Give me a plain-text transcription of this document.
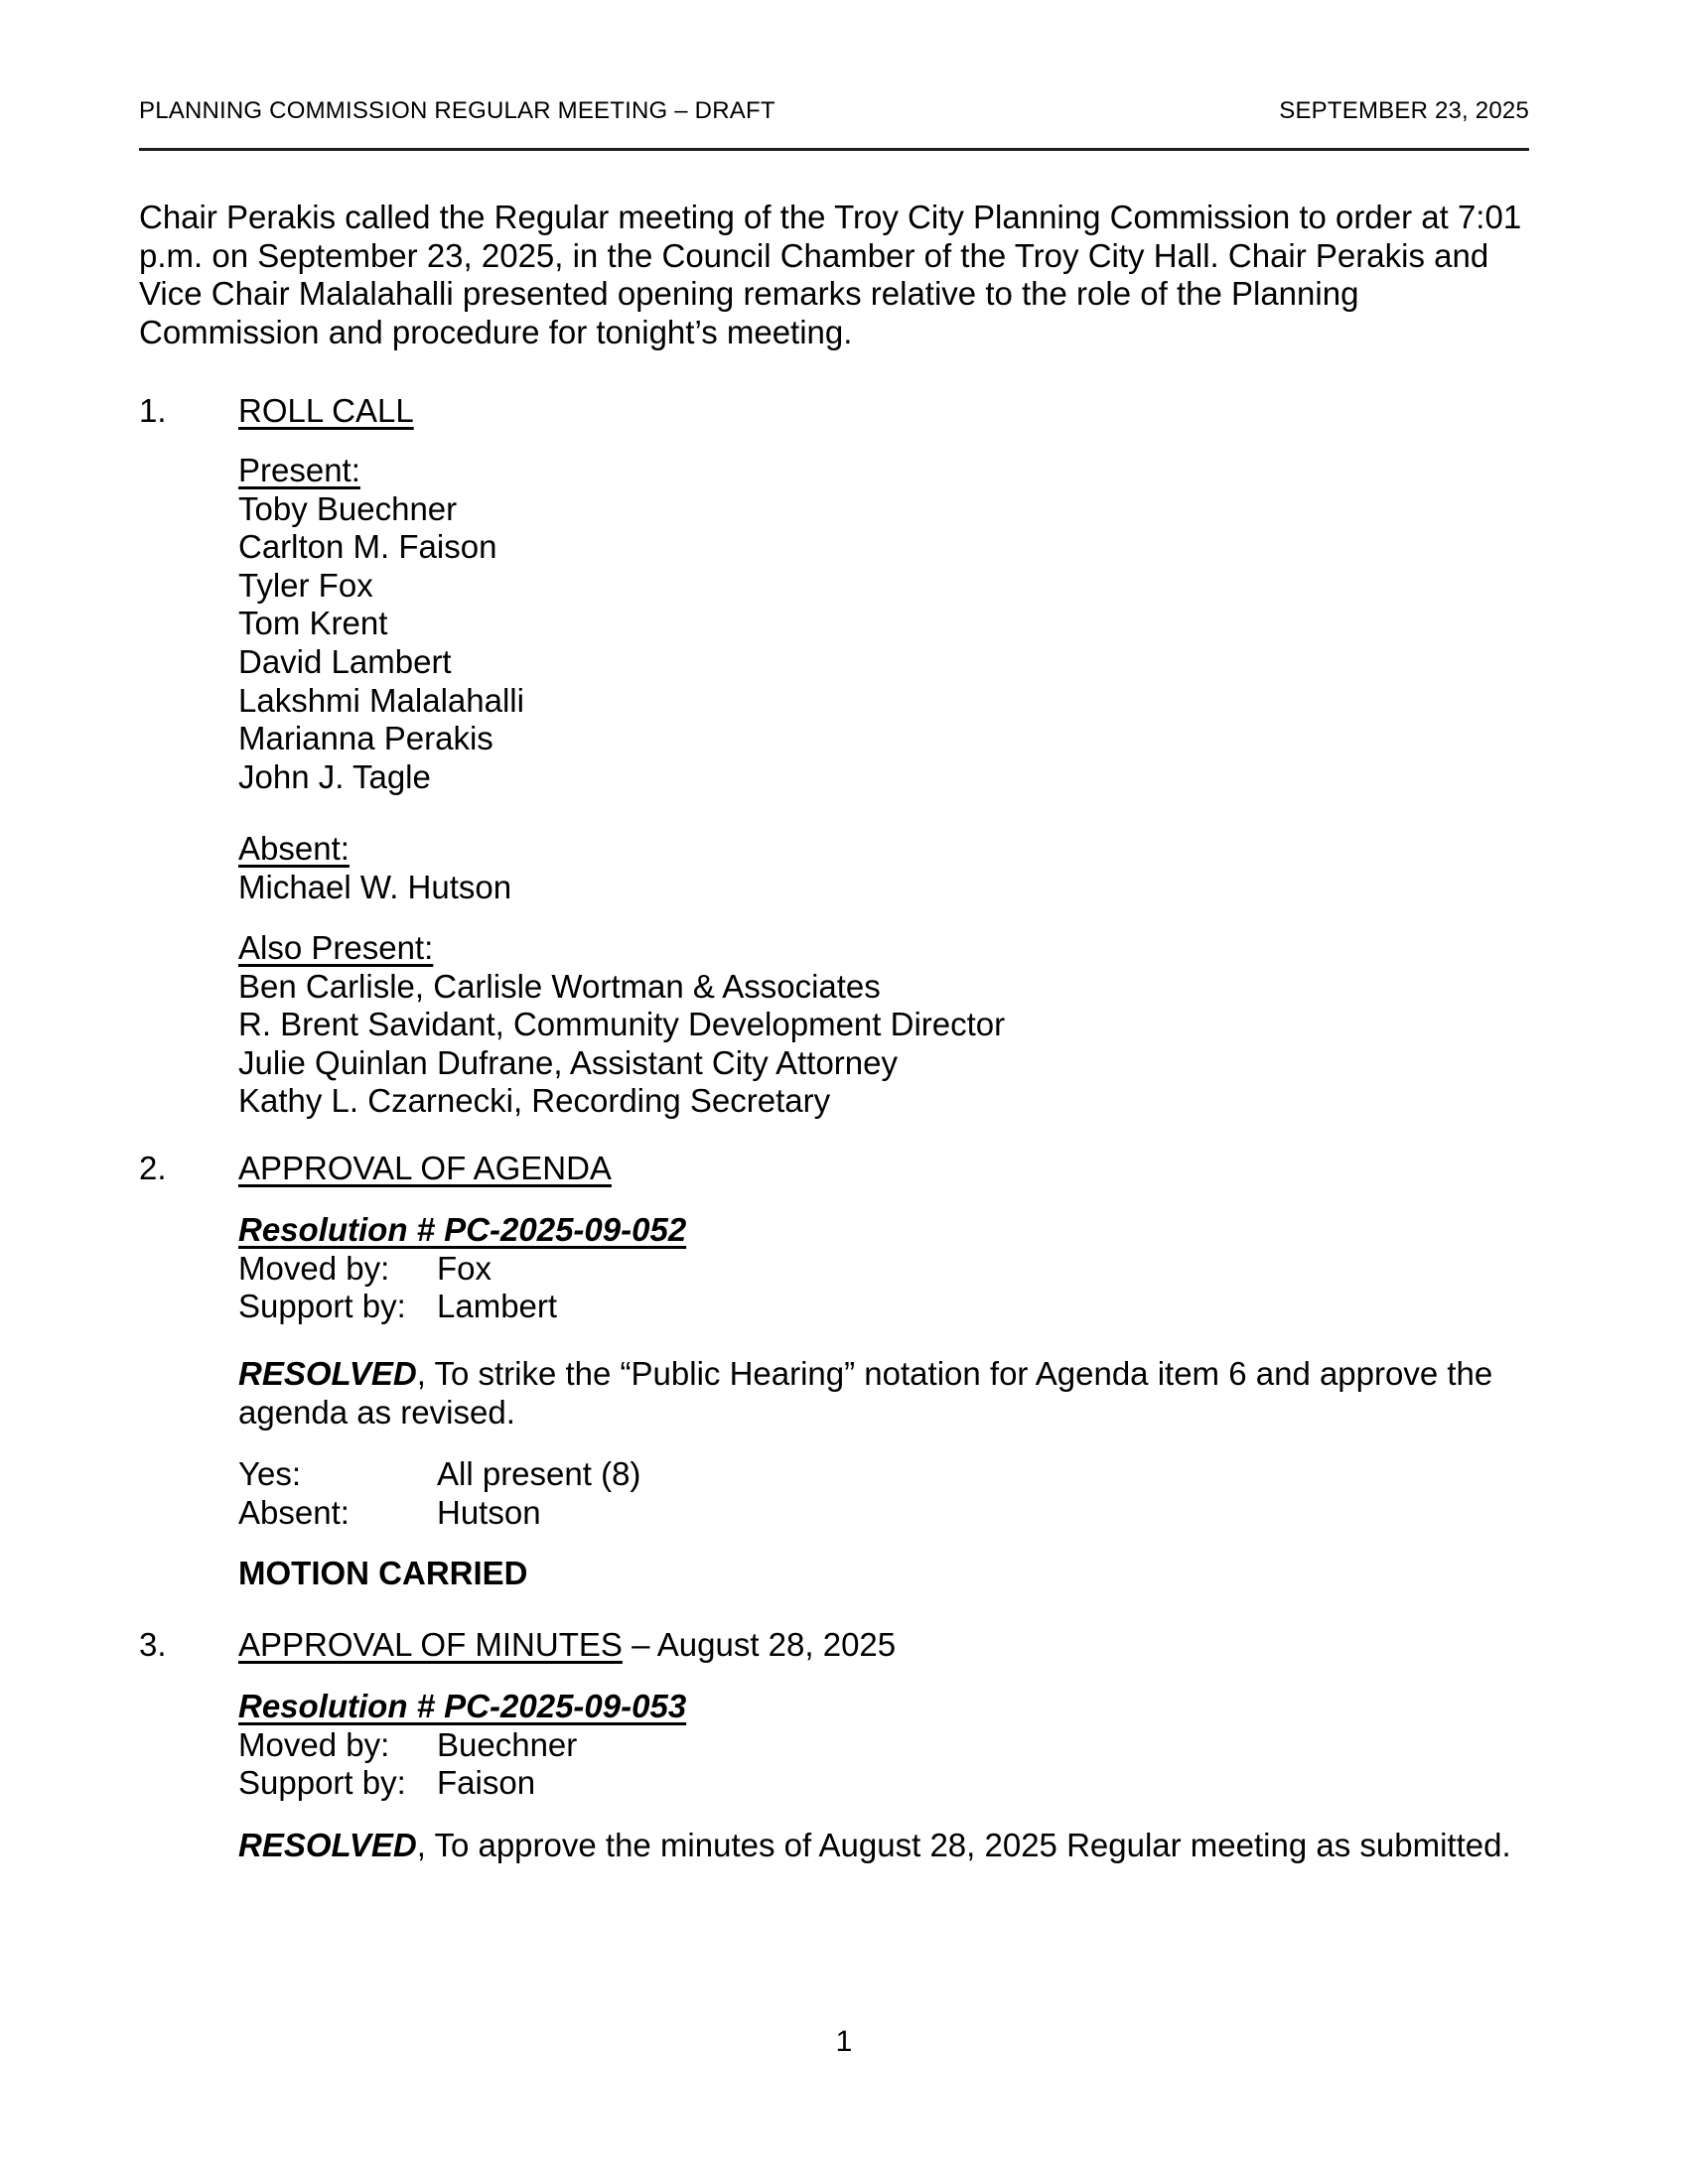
PLANNING COMMISSION REGULAR MEETING – DRAFT	SEPTEMBER 23, 2025
Chair Perakis called the Regular meeting of the Troy City Planning Commission to order at 7:01 p.m. on September 23, 2025, in the Council Chamber of the Troy City Hall. Chair Perakis and Vice Chair Malalahalli presented opening remarks relative to the role of the Planning Commission and procedure for tonight’s meeting.
1. ROLL CALL
Present:
Toby Buechner
Carlton M. Faison
Tyler Fox
Tom Krent
David Lambert
Lakshmi Malalahalli
Marianna Perakis
John J. Tagle
Absent:
Michael W. Hutson
Also Present:
Ben Carlisle, Carlisle Wortman & Associates
R. Brent Savidant, Community Development Director
Julie Quinlan Dufrane, Assistant City Attorney
Kathy L. Czarnecki, Recording Secretary
2. APPROVAL OF AGENDA
Resolution # PC-2025-09-052
Moved by:	Fox
Support by: Lambert
RESOLVED, To strike the “Public Hearing” notation for Agenda item 6 and approve the agenda as revised.
Yes:	All present (8)
Absent:	Hutson
MOTION CARRIED
3. APPROVAL OF MINUTES – August 28, 2025
Resolution # PC-2025-09-053
Moved by:	Buechner
Support by: Faison
RESOLVED, To approve the minutes of August 28, 2025 Regular meeting as submitted.
1
